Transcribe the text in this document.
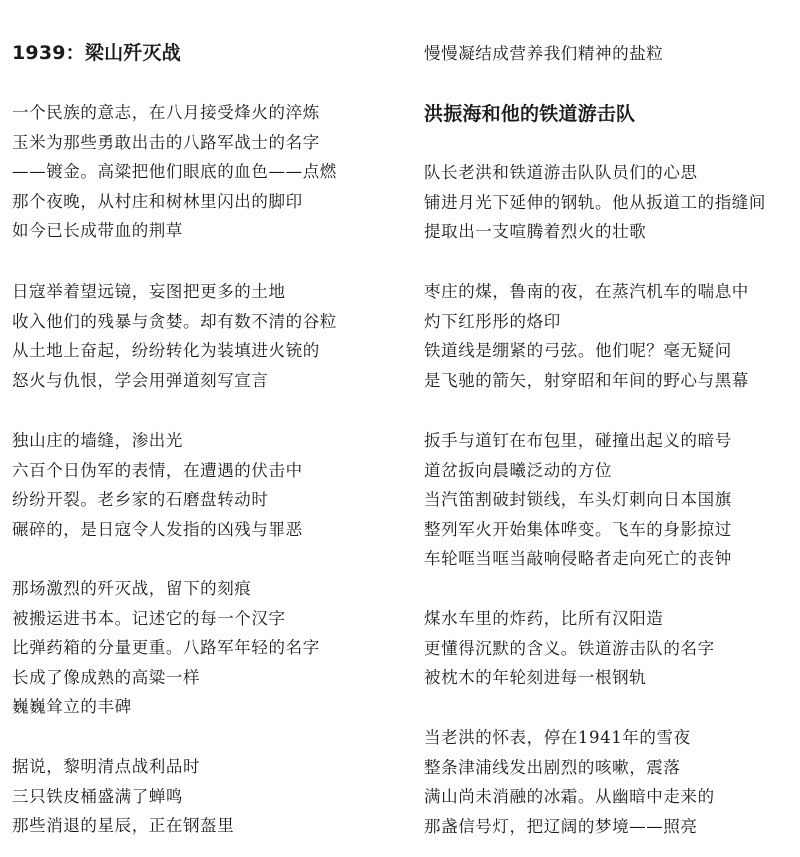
1939：梁山歼灭战
一个民族的意志，在八月接受烽火的淬炼
玉米为那些勇敢出击的八路军战士的名字
——镀金。高粱把他们眼底的血色——点燃
那个夜晚，从村庄和树林里闪出的脚印
如今已长成带血的荆草
日寇举着望远镜，妄图把更多的土地
收入他们的残暴与贪婪。却有数不清的谷粒
从土地上奋起，纷纷转化为装填进火铳的
怒火与仇恨，学会用弹道刻写宣言
独山庄的墙缝，渗出光
六百个日伪军的表情，在遭遇的伏击中
纷纷开裂。老乡家的石磨盘转动时
碾碎的，是日寇令人发指的凶残与罪恶
那场激烈的歼灭战，留下的刻痕
被搬运进书本。记述它的每一个汉字
比弹药箱的分量更重。八路军年轻的名字
长成了像成熟的高粱一样
巍巍耸立的丰碑
据说，黎明清点战利品时
三只铁皮桶盛满了蝉鸣
那些消退的星辰，正在钢盔里
慢慢凝结成营养我们精神的盐粒
洪振海和他的铁道游击队
队长老洪和铁道游击队队员们的心思
铺进月光下延伸的钢轨。他从扳道工的指缝间
提取出一支喧腾着烈火的壮歌
枣庄的煤，鲁南的夜，在蒸汽机车的喘息中
灼下红彤彤的烙印
铁道线是绷紧的弓弦。他们呢？毫无疑问
是飞驰的箭矢，射穿昭和年间的野心与黑幕
扳手与道钉在布包里，碰撞出起义的暗号
道岔扳向晨曦泛动的方位
当汽笛割破封锁线，车头灯刺向日本国旗
整列军火开始集体哗变。飞车的身影掠过
车轮哐当哐当敲响侵略者走向死亡的丧钟
煤水车里的炸药，比所有汉阳造
更懂得沉默的含义。铁道游击队的名字
被枕木的年轮刻进每一根钢轨
当老洪的怀表，停在1941年的雪夜
整条津浦线发出剧烈的咳嗽，震落
满山尚未消融的冰霜。从幽暗中走来的
那盏信号灯，把辽阔的梦境——照亮
